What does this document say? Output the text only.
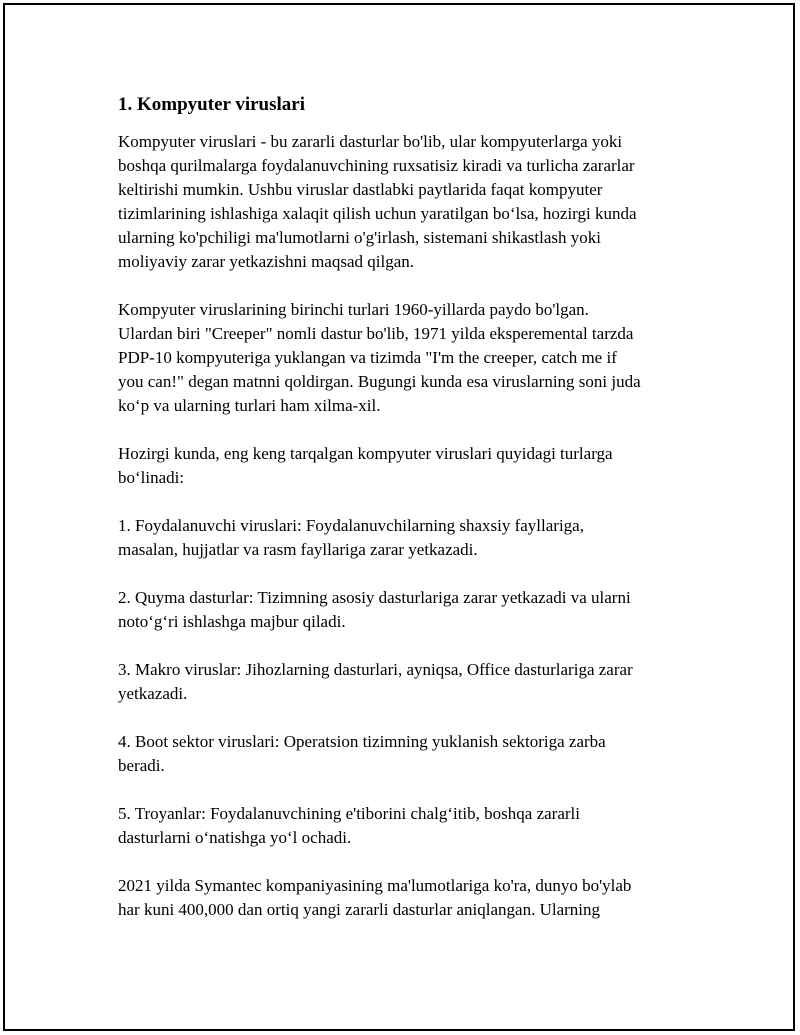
1. Kompyuter viruslari

Kompyuter viruslari - bu zararli dasturlar bo'lib, ular kompyuterlarga yoki
boshqa qurilmalarga foydalanuvchining ruxsatisiz kiradi va turlicha zararlar
keltirishi mumkin. Ushbu viruslar dastlabki paytlarida faqat kompyuter
tizimlarining ishlashiga xalaqit qilish uchun yaratilgan bo‘lsa, hozirgi kunda
ularning ko'pchiligi ma'lumotlarni o'g'irlash, sistemani shikastlash yoki
moliyaviy zarar yetkazishni maqsad qilgan.

Kompyuter viruslarining birinchi turlari 1960-yillarda paydo bo'lgan.
Ulardan biri "Creeper" nomli dastur bo'lib, 1971 yilda eksperemental tarzda
PDP-10 kompyuteriga yuklangan va tizimda "I'm the creeper, catch me if
you can!" degan matnni qoldirgan. Bugungi kunda esa viruslarning soni juda
ko‘p va ularning turlari ham xilma-xil.

Hozirgi kunda, eng keng tarqalgan kompyuter viruslari quyidagi turlarga
bo‘linadi:

1. Foydalanuvchi viruslari: Foydalanuvchilarning shaxsiy fayllariga,
masalan, hujjatlar va rasm fayllariga zarar yetkazadi.

2. Quyma dasturlar: Tizimning asosiy dasturlariga zarar yetkazadi va ularni
noto‘g‘ri ishlashga majbur qiladi.

3. Makro viruslar: Jihozlarning dasturlari, ayniqsa, Office dasturlariga zarar
yetkazadi.

4. Boot sektor viruslari: Operatsion tizimning yuklanish sektoriga zarba
beradi.

5. Troyanlar: Foydalanuvchining e'tiborini chalg‘itib, boshqa zararli
dasturlarni o‘natishga yo‘l ochadi.

2021 yilda Symantec kompaniyasining ma'lumotlariga ko'ra, dunyo bo'ylab
har kuni 400,000 dan ortiq yangi zararli dasturlar aniqlangan. Ularning
